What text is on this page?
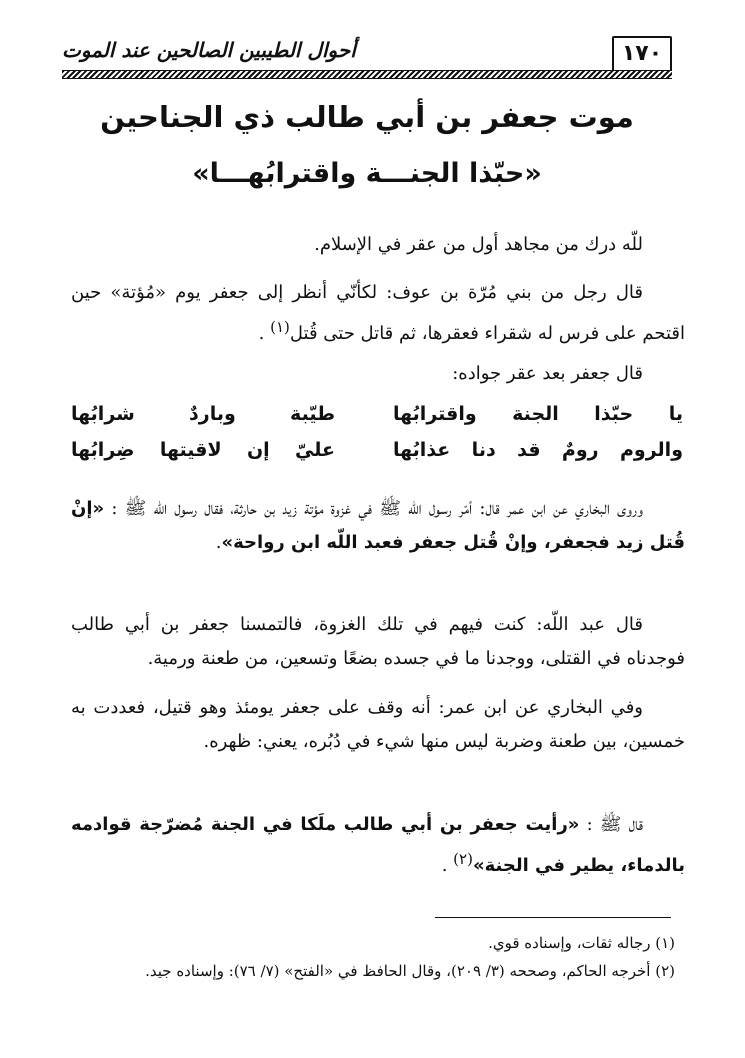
١٧٠
أحوال الطيبين الصالحين عند الموت
موت جعفر بن أبي طالب ذي الجناحين
«حبّذا الجنـــة واقترابُهـــا»
للّه درك من مجاهد أول من عقر في الإسلام.
قال رجل من بني مُرّة بن عوف: لكأنّي أنظر إلى جعفر يوم «مُؤتة» حين اقتحم على فرس له شقراء فعقرها، ثم قاتل حتى قُتل$^{(١)}$ .
قال جعفر بعد عقر جواده:
يا حبّذا الجنة واقترابُها
طيّبة وباردٌ شرابُها
والروم رومٌ قد دنا عذابُها
عليّ إن لاقيتها ضِرابُها
وروى البخاري عن ابن عمر قال: أمّر رسول اللّه ﷺ في غزوة مؤتة زيد بن حارثة، فقال رسول اللّه ﷺ : «إنْ قُتل زيد فجعفر، وإنْ قُتل جعفر فعبد اللّه ابن رواحة».
قال عبد اللّه: كنت فيهم في تلك الغزوة، فالتمسنا جعفر بن أبي طالب فوجدناه في القتلى، ووجدنا ما في جسده بضعًا وتسعين، من طعنة ورمية.
وفي البخاري عن ابن عمر: أنه وقف على جعفر يومئذ وهو قتيل، فعددت به خمسين، بين طعنة وضربة ليس منها شيء في دُبُره، يعني: ظهره.
قال ﷺ : «رأيت جعفر بن أبي طالب ملَكا في الجنة مُضرّجة قوادمه بالدماء، يطير في الجنة»$^{(٢)}$ .
(١) رجاله ثقات، وإسناده قوي.
(٢) أخرجه الحاكم، وصححه (٣/ ٢٠٩)، وقال الحافظ في «الفتح» (٧/ ٧٦): وإسناده جيد.
